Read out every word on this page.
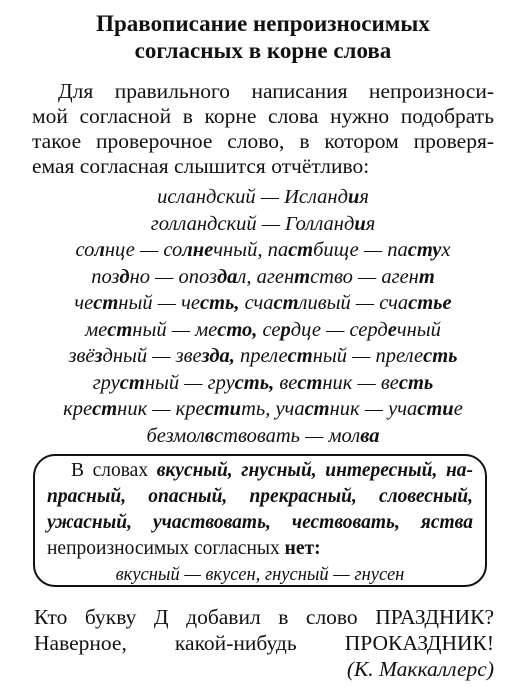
Правописание непроизносимых
согласных в корне слова
Для правильного написания непроизноси-
мой согласной в корне слова нужно подобрать
такое проверочное слово, в котором проверя-
емая согласная слышится отчётливо:
исландский — Исландия
голландский — Голландия
солнце — солнечный, пастбище — пастух
поздно — опоздал, агентство — агент
честный — честь, счастливый — счастье
местный — место, сердце — сердечный
звёздный — звезда, прелестный — прелесть
грустный — грусть, вестник — весть
крестник — крестить, участник — участие
безмолвствовать — молва
В словах вкусный, гнусный, интересный, на-
прасный, опасный, прекрасный, словесный,
ужасный, участвовать, чествовать, яства
непроизносимых согласных нет:
вкусный — вкусен, гнусный — гнусен
Кто букву Д добавил в слово ПРАЗДНИК?
Наверное, какой-нибудь ПРОКАЗДНИК!
(К. Маккаллерс)
